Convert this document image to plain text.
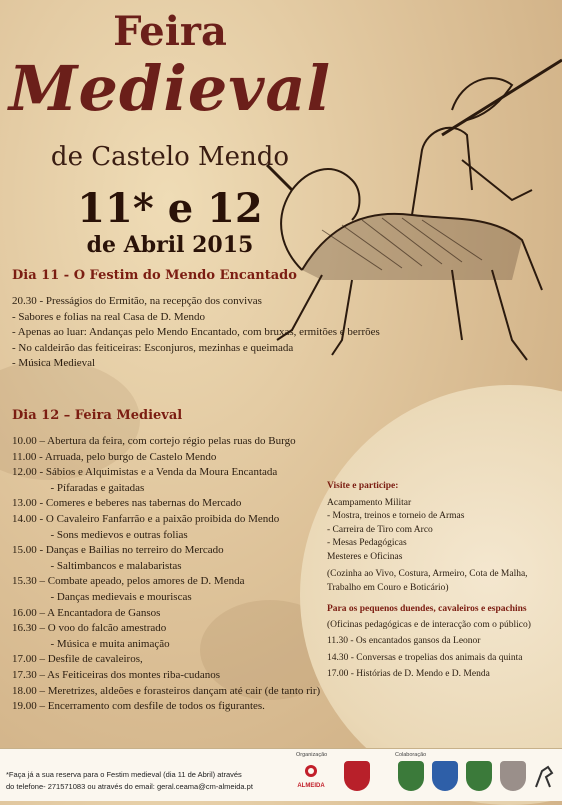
Feira
Medieval
de Castelo Mendo
11* e 12
de Abril 2015
Dia 11 - O Festim do Mendo Encantado
20.30 - Presságios do Ermitão, na recepção dos convivas
- Sabores e folias na real Casa de D. Mendo
- Apenas ao luar: Andanças pelo Mendo Encantado, com bruxas, ermitões e berrões
- No caldeirão das feiticeiras: Esconjuros, mezinhas e queimada
- Música Medieval
Dia 12 – Feira Medieval
10.00 – Abertura da feira, com cortejo régio pelas ruas do Burgo
11.00 - Arruada, pelo burgo de Castelo Mendo
12.00 - Sábios e Alquimistas e a Venda da Moura Encantada
- Pífaradas e gaitadas
13.00 - Comeres e beberes nas tabernas do Mercado
14.00 - O Cavaleiro Fanfarrão e a paixão proibida do Mendo
- Sons medievos e outras folias
15.00 - Danças e Bailias no terreiro do Mercado
- Saltimbancos e malabaristas
15.30 – Combate apeado, pelos amores de D. Menda
- Danças medievais e mouriscas
16.00 – A Encantadora de Gansos
16.30 – O voo do falcão amestrado
- Música e muita animação
17.00 – Desfile de cavaleiros,
17.30 – As Feiticeiras dos montes riba-cudanos
18.00 – Meretrizes, aldeões e forasteiros dançam até cair (de tanto rir)
19.00 – Encerramento com desfile de todos os figurantes.
Visite e participe:
Acampamento Militar
- Mostra, treinos e torneio de Armas
- Carreira de Tiro com Arco
- Mesas Pedagógicas
Mesteres e Oficinas
(Cozinha ao Vivo, Costura, Armeiro, Cota de Malha,
Trabalho em Couro e Boticário)
Para os pequenos duendes, cavaleiros e espachins
(Oficinas pedagógicas e de interacção com o público)
11.30 - Os encantados gansos da Leonor
14.30 - Conversas e tropelias dos animais da quinta
17.00 - Histórias de D. Mendo e D. Menda
*Faça já a sua reserva para o Festim medieval (dia 11 de Abril) através
do telefone- 271571083 ou através do email: geral.ceama@cm-almeida.pt
Organização	Colaboração
ALMEIDA
